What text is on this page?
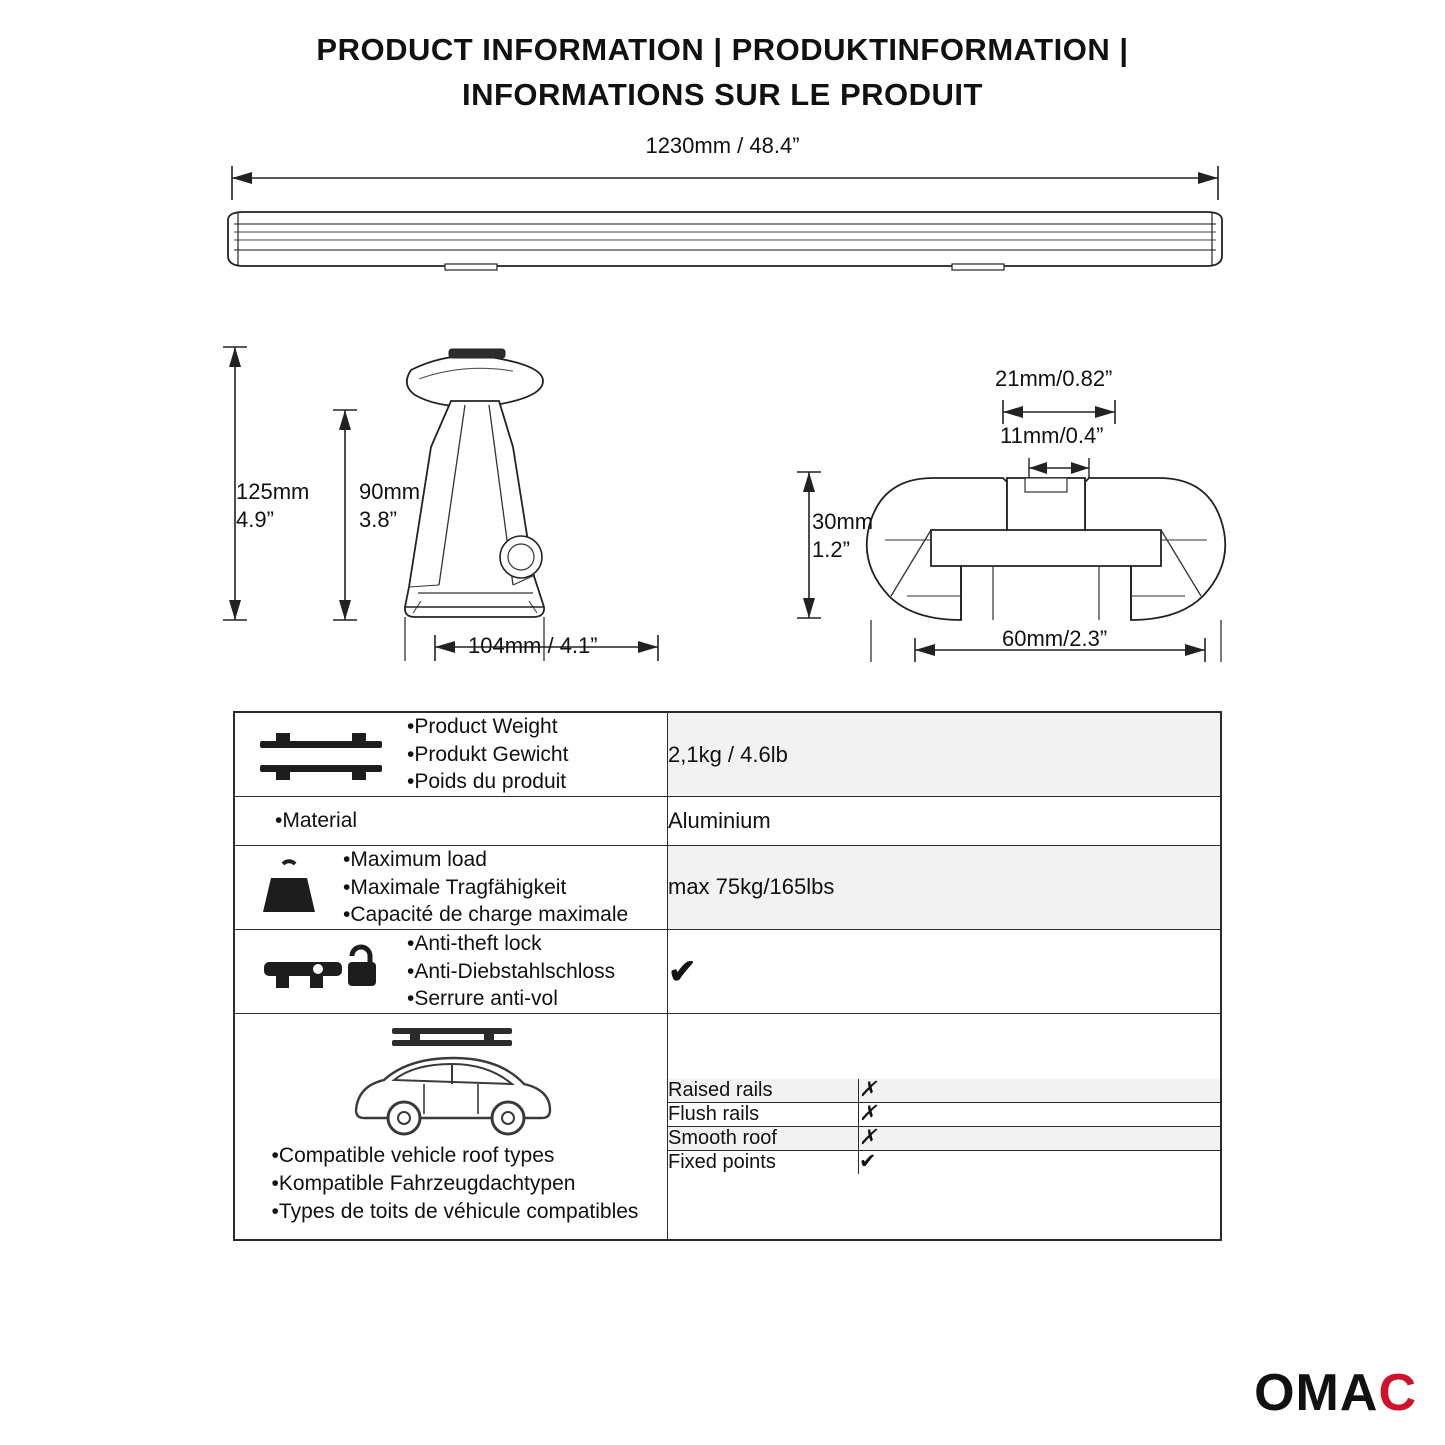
PRODUCT INFORMATION | PRODUKTINFORMATION |
INFORMATIONS SUR LE PRODUIT
1230mm / 48.4”
125mm
4.9”
90mm
3.8”
104mm / 4.1”
21mm/0.82”
11mm/0.4”
30mm
1.2”
60mm/2.3”
•Product Weight
•Produkt Gewicht
•Poids du produit
	2,1kg / 4.6lb

•Material	Aluminium

•Maximum load
•Maximale Tragfähigkeit
•Capacité de charge maximale
	max 75kg/165lbs

•Anti-theft lock
•Anti-Diebstahlschloss
•Serrure anti-vol
	✔

•Compatible vehicle roof types
•Kompatible Fahrzeugdachtypen
•Types de toits de véhicule compatibles

Raised rails	✗
Flush rails	✗
Smooth roof	✗
Fixed points	✔
OM A C
